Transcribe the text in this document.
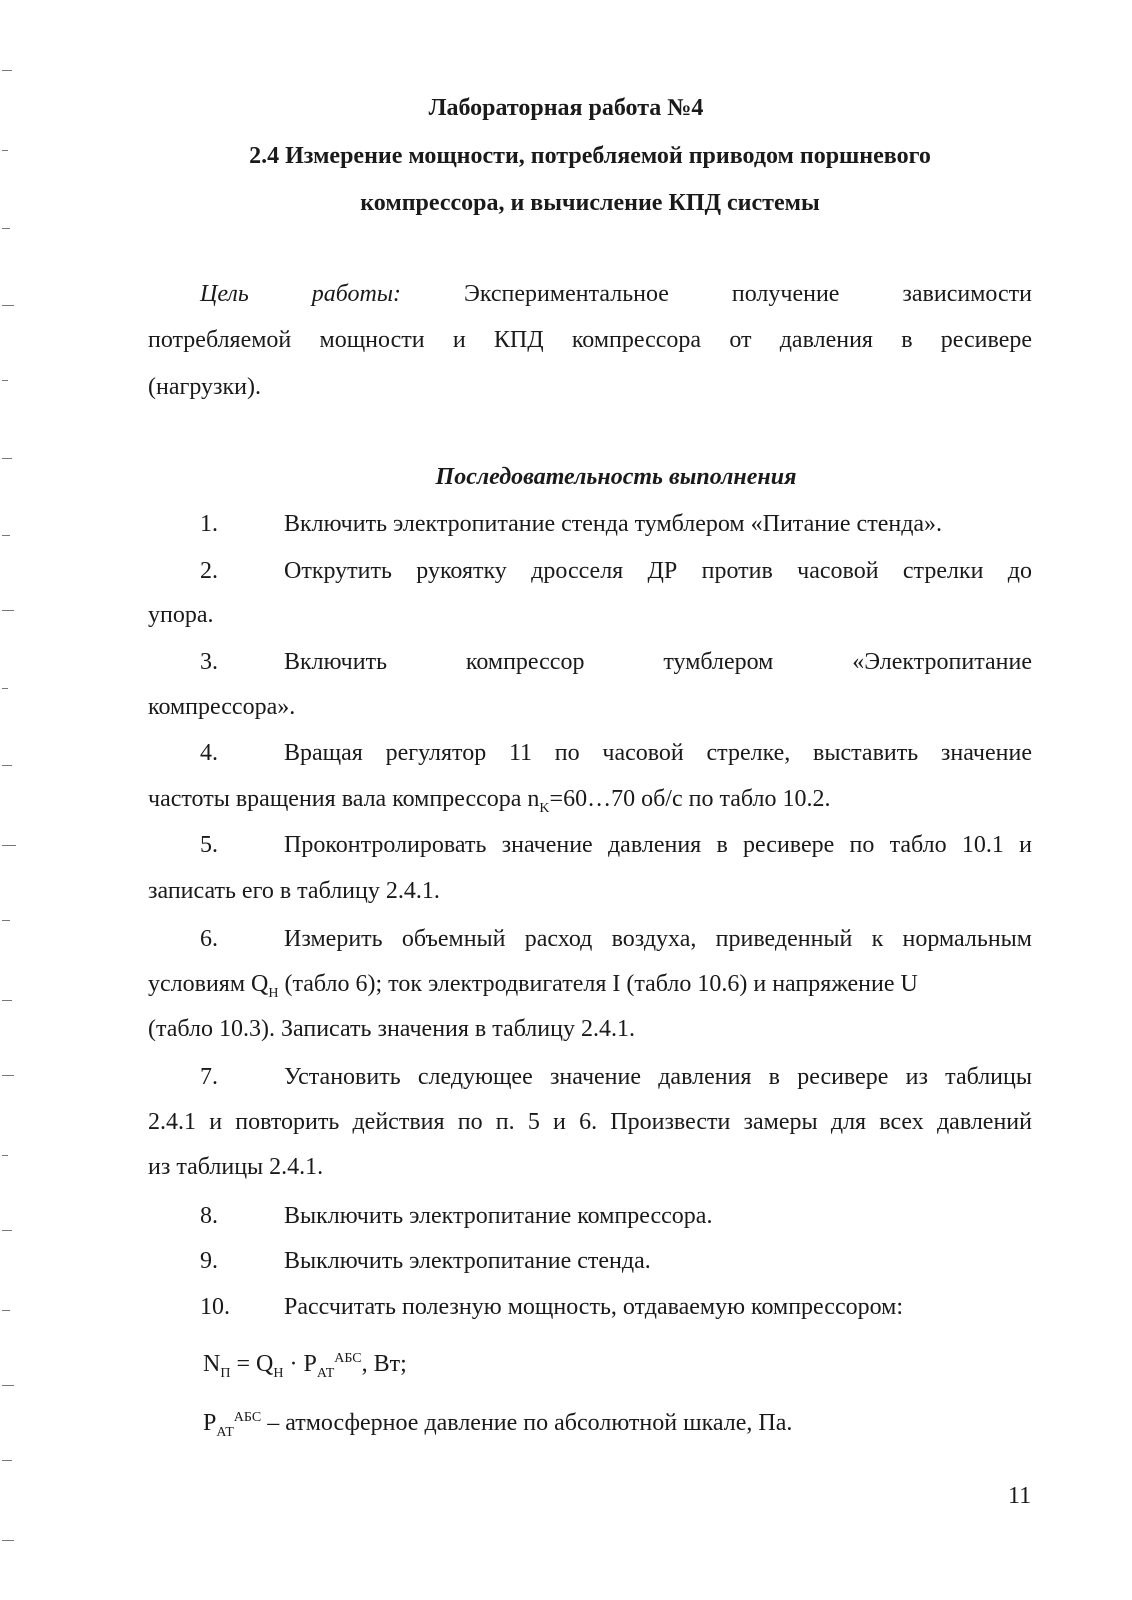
Лабораторная работа №4
2.4 Измерение мощности, потребляемой приводом поршневого
компрессора, и вычисление КПД системы
Цель	работы:	Экспериментальное	получение	зависимости
потребляемой мощности и КПД компрессора от давления в ресивере
(нагрузки).
Последовательность выполнения
1.	Включить электропитание стенда тумблером «Питание стенда».
2.	Открутить рукоятку дросселя ДР против часовой стрелки до
упора.
3.	Включить компрессор тумблером «Электропитание
компрессора».
4.	Вращая регулятор 11 по часовой стрелке, выставить значение
частоты вращения вала компрессора $n_K=60\dots 70$ об/с по табло 10.2.
5.	Проконтролировать значение давления в ресивере по табло 10.1 и
записать его в таблицу 2.4.1.
6.	Измерить объемный расход воздуха, приведенный к нормальным
условиям $Q_Н$ (табло 6); ток электродвигателя I (табло 10.6) и напряжение U
(табло 10.3). Записать значения в таблицу 2.4.1.
7.	Установить следующее значение давления в ресивере из таблицы
2.4.1 и повторить действия по п. 5 и 6. Произвести замеры для всех давлений
из таблицы 2.4.1.
8.	Выключить электропитание компрессора.
9.	Выключить электропитание стенда.
10. Рассчитать полезную мощность, отдаваемую компрессором:
$N_П = Q_Н \cdot P_{АТ}^{АБС}$, Вт;
$P_{АТ}^{АБС}$ – атмосферное давление по абсолютной шкале, Па.
11
